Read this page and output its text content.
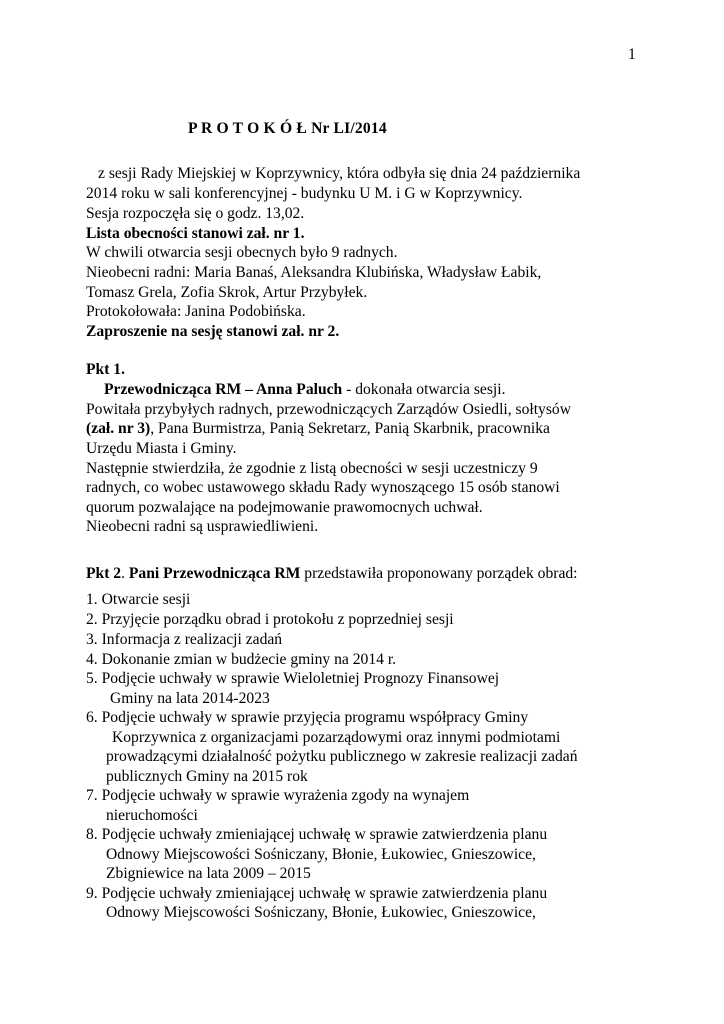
1
P R O T O K Ó Ł Nr LI/2014
z sesji Rady Miejskiej w Koprzywnicy, która odbyła się dnia 24 października
2014 roku w sali konferencyjnej - budynku U M. i G w Koprzywnicy.
Sesja rozpoczęła się o godz. 13,02.
Lista obecności stanowi zał. nr 1.
W chwili otwarcia sesji obecnych było 9 radnych.
Nieobecni radni: Maria Banaś, Aleksandra Klubińska, Władysław Łabik,
Tomasz Grela, Zofia Skrok, Artur Przybyłek.
Protokołowała: Janina Podobińska.
Zaproszenie na sesję stanowi zał. nr 2.
Pkt 1.
Przewodnicząca RM – Anna Paluch - dokonała otwarcia sesji.
Powitała przybyłych radnych, przewodniczących Zarządów Osiedli, sołtysów
(zał. nr 3), Pana Burmistrza, Panią Sekretarz, Panią Skarbnik, pracownika
Urzędu Miasta i Gminy.
Następnie stwierdziła, że zgodnie z listą obecności w sesji uczestniczy 9
radnych, co wobec ustawowego składu Rady wynoszącego 15 osób stanowi
quorum pozwalające na podejmowanie prawomocnych uchwał.
Nieobecni radni są usprawiedliwieni.
Pkt 2. Pani Przewodnicząca RM przedstawiła proponowany porządek obrad:
1. Otwarcie sesji
2. Przyjęcie porządku obrad i protokołu z poprzedniej sesji
3. Informacja z realizacji zadań
4. Dokonanie zmian w budżecie gminy na 2014 r.
5. Podjęcie uchwały w sprawie Wieloletniej Prognozy Finansowej
Gminy na lata 2014-2023
6. Podjęcie uchwały w sprawie przyjęcia programu współpracy Gminy
Koprzywnica z organizacjami pozarządowymi oraz innymi podmiotami
prowadzącymi działalność pożytku publicznego w zakresie realizacji zadań
publicznych Gminy na 2015 rok
7. Podjęcie uchwały w sprawie wyrażenia zgody na wynajem
nieruchomości
8. Podjęcie uchwały zmieniającej uchwałę w sprawie zatwierdzenia planu
Odnowy Miejscowości Sośniczany, Błonie, Łukowiec, Gnieszowice,
Zbigniewice na lata 2009 – 2015
9. Podjęcie uchwały zmieniającej uchwałę w sprawie zatwierdzenia planu
Odnowy Miejscowości Sośniczany, Błonie, Łukowiec, Gnieszowice,
